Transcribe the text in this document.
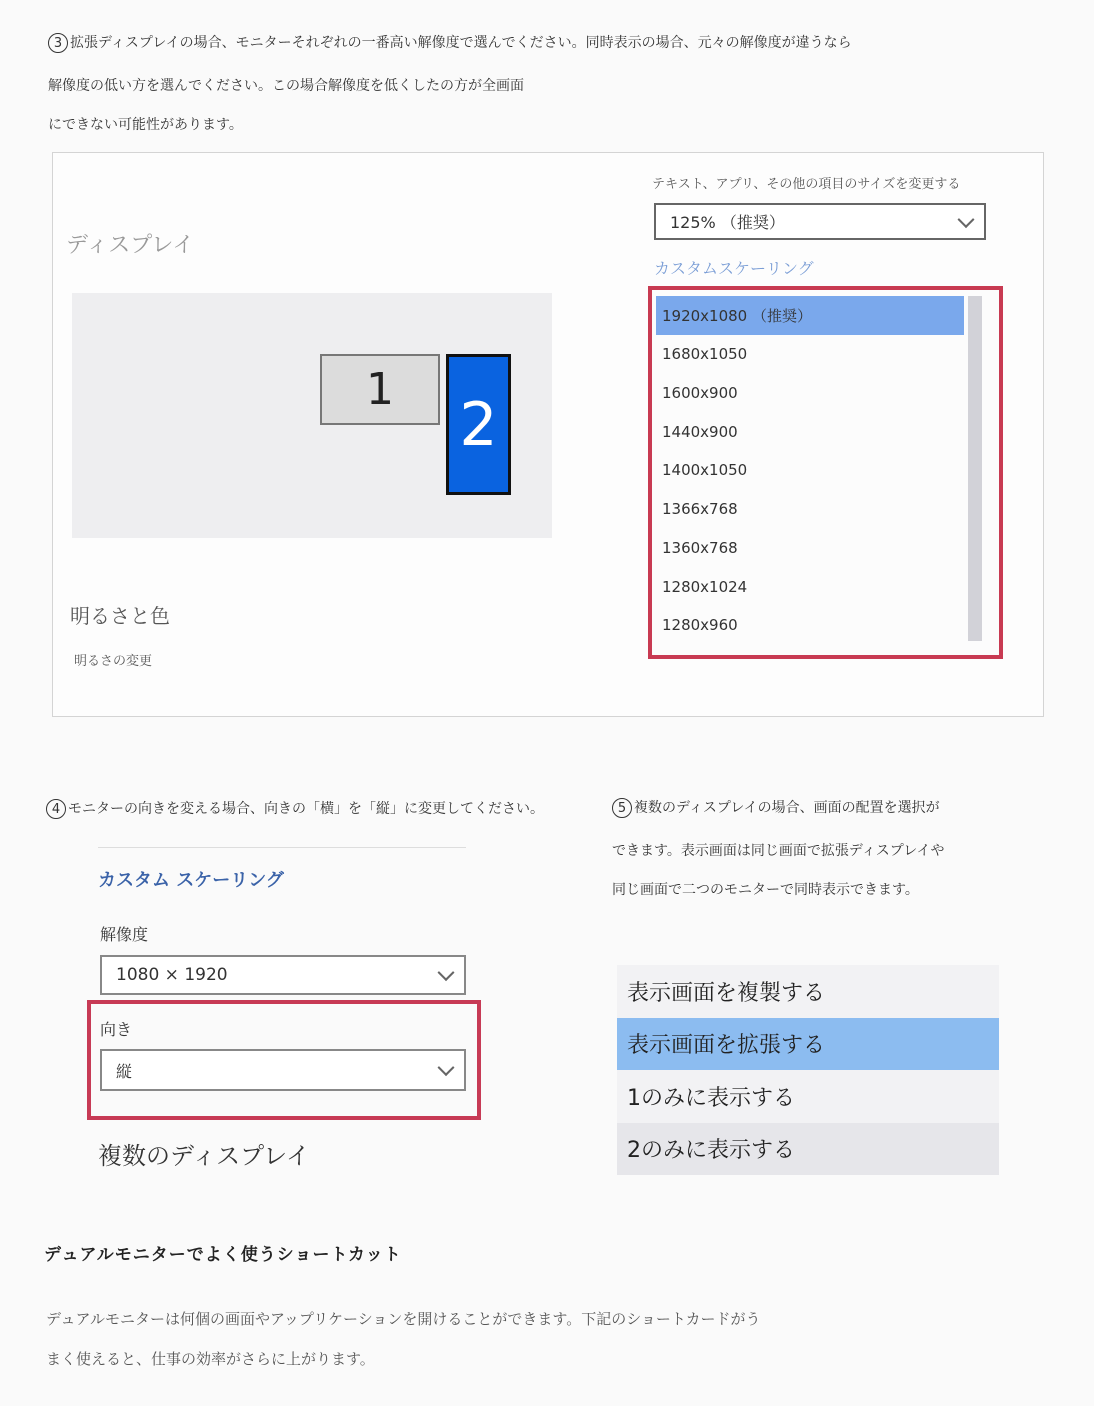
3 拡張ディスプレイの場合、モニターそれぞれの一番高い解像度で選んでください。同時表示の場合、元々の解像度が違うなら
解像度の低い方を選んでください。この場合解像度を低くしたの方が全画面
にできない可能性があります。
ディスプレイ
1	2
明るさと色
明るさの変更
テキスト、アプリ、その他の項目のサイズを変更する
125% （推奨）
カスタムスケーリング
1920x1080 （推奨）
1680x1050
1600x900
1440x900
1400x1050
1366x768
1360x768
1280x1024
1280x960
4 モニターの向きを変える場合、向きの「横」を「縦」に変更してください。
カスタム スケーリング
解像度
1080 × 1920
向き
縦
複数のディスプレイ
5 複数のディスプレイの場合、画面の配置を選択が
できます。表示画面は同じ画面で拡張ディスプレイや
同じ画面で二つのモニターで同時表示できます。
表示画面を複製する
表示画面を拡張する
1のみに表示する
2のみに表示する
デュアルモニターでよく使うショートカット
デュアルモニターは何個の画面やアップリケーションを開けることができます。下記のショートカードがう
まく使えると、仕事の効率がさらに上がります。
